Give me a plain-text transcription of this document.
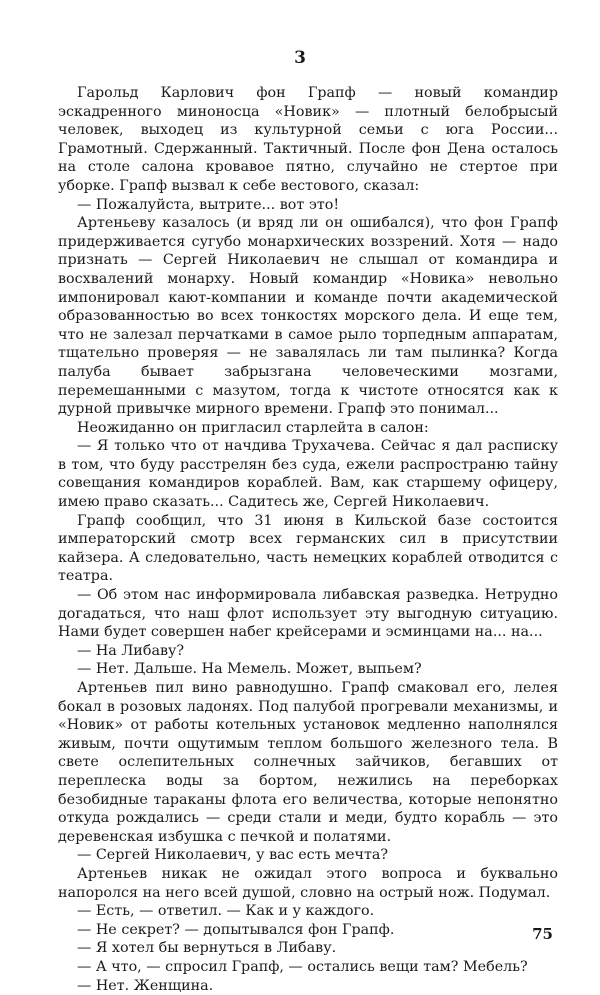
3

Гарольд Карлович фон Грапф — новый командир эскадренного миноносца «Новик» — плотный белобрысый человек, выходец из культурной семьи с юга России... Грамотный. Сдержанный. Тактичный. После фон Дена осталось на столе салона кровавое пятно, случайно не стертое при уборке. Грапф вызвал к себе вестового, сказал:

— Пожалуйста, вытрите... вот это!

Артеньеву казалось (и вряд ли он ошибался), что фон Грапф придерживается сугубо монархических воззрений. Хотя — надо признать — Сергей Николаевич не слышал от командира и восхвалений монарху. Новый командир «Новика» невольно импонировал кают-компании и команде почти академической образованностью во всех тонкостях морского дела. И еще тем, что не залезал перчатками в самое рыло торпедным аппаратам, тщательно проверяя — не завалялась ли там пылинка? Когда палуба бывает забрызгана человеческими мозгами, перемешанными с мазутом, тогда к чистоте относятся как к дурной привычке мирного времени. Грапф это понимал...

Неожиданно он пригласил старлейта в салон:

— Я только что от начдива Трухачева. Сейчас я дал расписку в том, что буду расстрелян без суда, ежели распространю тайну совещания командиров кораблей. Вам, как старшему офицеру, имею право сказать... Садитесь же, Сергей Николаевич.

Грапф сообщил, что 31 июня в Кильской базе состоится императорский смотр всех германских сил в присутствии кайзера. А следовательно, часть немецких кораблей отводится с театра.

— Об этом нас информировала либавская разведка. Нетрудно догадаться, что наш флот использует эту выгодную ситуацию. Нами будет совершен набег крейсерами и эсминцами на... на...

— На Либаву?

— Нет. Дальше. На Мемель. Может, выпьем?

Артеньев пил вино равнодушно. Грапф смаковал его, лелея бокал в розовых ладонях. Под палубой прогревали механизмы, и «Новик» от работы котельных установок медленно наполнялся живым, почти ощутимым теплом большого железного тела. В свете ослепительных солнечных зайчиков, бегавших от переплеска воды за бортом, нежились на переборках безобидные тараканы флота его величества, которые непонятно откуда рождались — среди стали и меди, будто корабль — это деревенская избушка с печкой и полатями.

— Сергей Николаевич, у вас есть мечта?

Артеньев никак не ожидал этого вопроса и буквально напоролся на него всей душой, словно на острый нож. Подумал.

— Есть, — ответил. — Как и у каждого.

— Не секрет? — допытывался фон Грапф.

— Я хотел бы вернуться в Либаву.

— А что, — спросил Грапф, — остались вещи там? Мебель?

— Нет. Женщина.

75
